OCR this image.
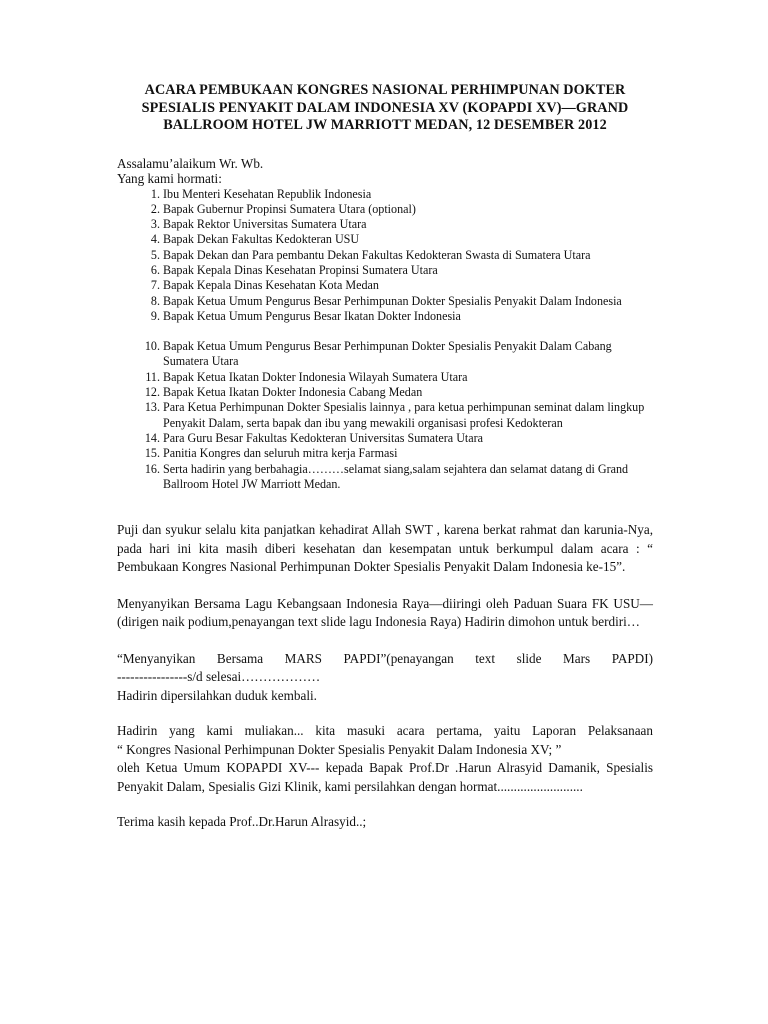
ACARA PEMBUKAAN KONGRES NASIONAL PERHIMPUNAN DOKTER
SPESIALIS PENYAKIT DALAM INDONESIA XV (KOPAPDI XV)—GRAND
BALLROOM HOTEL JW MARRIOTT MEDAN, 12 DESEMBER 2012
Assalamu’alaikum Wr. Wb.
Yang kami hormati:
1. Ibu Menteri Kesehatan Republik Indonesia
2. Bapak Gubernur Propinsi Sumatera Utara (optional)
3. Bapak Rektor Universitas Sumatera Utara
4. Bapak Dekan Fakultas Kedokteran USU
5. Bapak Dekan dan Para pembantu Dekan Fakultas Kedokteran Swasta di Sumatera Utara
6. Bapak Kepala Dinas Kesehatan Propinsi Sumatera Utara
7. Bapak Kepala Dinas Kesehatan Kota Medan
8. Bapak Ketua Umum Pengurus Besar Perhimpunan Dokter Spesialis Penyakit Dalam Indonesia
9. Bapak Ketua Umum Pengurus Besar Ikatan Dokter Indonesia
10. Bapak Ketua Umum Pengurus Besar Perhimpunan Dokter Spesialis Penyakit Dalam Cabang Sumatera Utara
11. Bapak Ketua Ikatan Dokter Indonesia Wilayah Sumatera Utara
12. Bapak Ketua Ikatan Dokter Indonesia Cabang Medan
13. Para Ketua Perhimpunan Dokter Spesialis lainnya , para ketua perhimpunan seminat dalam lingkup Penyakit Dalam, serta bapak dan ibu yang mewakili organisasi profesi Kedokteran
14. Para Guru Besar Fakultas Kedokteran Universitas Sumatera Utara
15. Panitia Kongres dan seluruh mitra kerja Farmasi
16. Serta hadirin yang berbahagia………selamat siang,salam sejahtera dan selamat datang di Grand Ballroom Hotel JW Marriott Medan.

Puji dan syukur selalu kita panjatkan kehadirat Allah SWT , karena berkat rahmat dan karunia-Nya, pada hari ini kita masih diberi kesehatan dan kesempatan untuk berkumpul dalam acara : “ Pembukaan Kongres Nasional Perhimpunan Dokter Spesialis Penyakit Dalam Indonesia ke-15”.

Menyanyikan Bersama Lagu Kebangsaan Indonesia Raya—diiringi oleh Paduan Suara FK USU—(dirigen naik podium,penayangan text slide lagu Indonesia Raya) Hadirin dimohon untuk berdiri…

“Menyanyikan Bersama MARS PAPDI”(penayangan text slide Mars PAPDI)
----------------s/d selesai………………
Hadirin dipersilahkan duduk kembali.

Hadirin yang kami muliakan... kita masuki acara pertama, yaitu Laporan Pelaksanaan
“ Kongres Nasional Perhimpunan Dokter Spesialis Penyakit Dalam Indonesia XV; ”
oleh Ketua Umum KOPAPDI XV--- kepada Bapak Prof.Dr .Harun Alrasyid Damanik, Spesialis Penyakit Dalam, Spesialis Gizi Klinik, kami persilahkan dengan hormat..........................

Terima kasih kepada Prof..Dr.Harun Alrasyid..;
